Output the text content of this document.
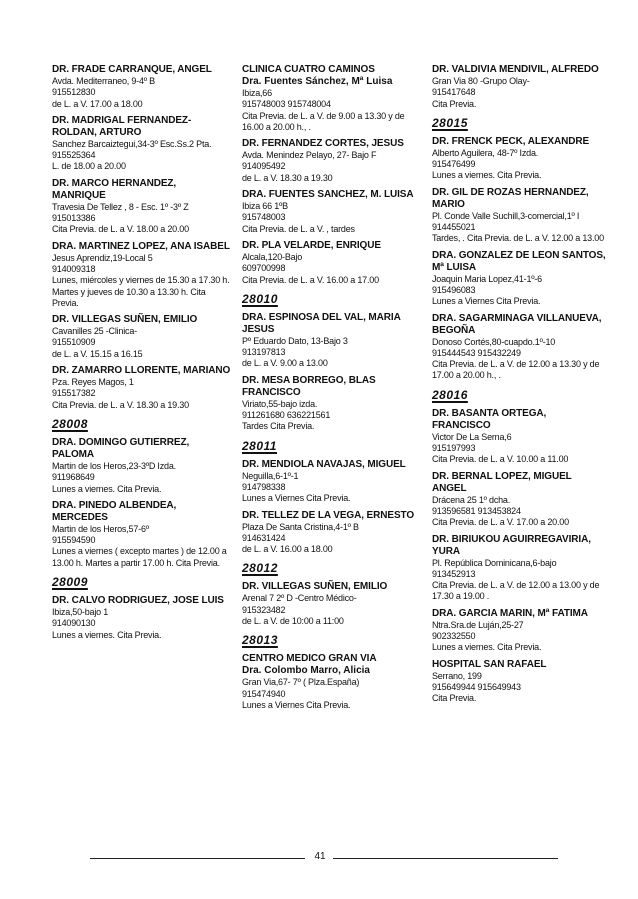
DR. FRADE CARRANQUE, ANGEL
Avda. Mediterraneo, 9-4º B
915512830
de L. a V. 17.00 a 18.00
DR. MADRIGAL FERNANDEZ-ROLDAN, ARTURO
Sanchez Barcaiztegui,34-3º Esc.Ss.2 Pta.
915525364
L. de 18.00 a 20.00
DR. MARCO HERNANDEZ, MANRIQUE
Travesia De Tellez , 8 - Esc. 1º -3º Z
915013386
Cita Previa. de L. a V. 18.00 a 20.00
DRA. MARTINEZ LOPEZ, ANA ISABEL
Jesus Aprendiz,19-Local 5
914009318
Lunes, miércoles y viernes de 15.30 a 17.30 h. Martes y jueves de 10.30 a 13.30 h. Cita Previa.
DR. VILLEGAS SUÑEN, EMILIO
Cavanilles 25 -Clinica-
915510909
de L. a V. 15.15 a 16.15
DR. ZAMARRO LLORENTE, MARIANO
Pza. Reyes Magos, 1
915517382
Cita Previa. de L. a V. 18.30 a 19.30
28008
DRA. DOMINGO GUTIERREZ, PALOMA
Martin de los Heros,23-3ºD Izda.
911968649
Lunes a viernes. Cita Previa.
DRA. PINEDO ALBENDEA, MERCEDES
Martin de los Heros,57-6º
915594590
Lunes a viernes ( excepto martes ) de 12.00 a 13.00 h. Martes a partir 17.00 h. Cita Previa.
28009
DR. CALVO RODRIGUEZ, JOSE LUIS
Ibiza,50-bajo 1
914090130
Lunes a viernes. Cita Previa.
CLINICA CUATRO CAMINOS
Dra. Fuentes Sánchez, Mª Luisa
Ibiza,66
915748003 915748004
Cita Previa. de L. a V. de 9.00 a 13.30 y de 16.00 a 20.00 h., .
DR. FERNANDEZ CORTES, JESUS
Avda. Menindez Pelayo, 27- Bajo F
914095492
de L. a V. 18.30 a 19.30
DRA. FUENTES SANCHEZ, M. LUISA
Ibiza 66 1ºB
915748003
Cita Previa. de L. a V. , tardes
DR. PLA VELARDE, ENRIQUE
Alcala,120-Bajo
609700998
Cita Previa. de L. a V. 16.00 a 17.00
28010
DRA. ESPINOSA DEL VAL, MARIA JESUS
Pº Eduardo Dato, 13-Bajo 3
913197813
de L. a V. 9.00 a 13.00
DR. MESA BORREGO, BLAS FRANCISCO
Viriato,55-bajo izda.
911261680 636221561
Tardes Cita Previa.
28011
DR. MENDIOLA NAVAJAS, MIGUEL
Neguilla,6-1º-1
914798338
Lunes a Viernes Cita Previa.
DR. TELLEZ DE LA VEGA, ERNESTO
Plaza De Santa Cristina,4-1º B
914631424
de L. a V. 16.00 a 18.00
28012
DR. VILLEGAS SUÑEN, EMILIO
Arenal 7 2º D -Centro Médico-
915323482
de L. a V. de 10:00 a 11:00
28013
CENTRO MEDICO GRAN VIA
Dra. Colombo Marro, Alicia
Gran Via,67- 7º ( Plza.España)
915474940
Lunes a Viernes Cita Previa.
DR. VALDIVIA MENDIVIL, ALFREDO
Gran Via 80 -Grupo Olay-
915417648
Cita Previa.
28015
DR. FRENCK PECK, ALEXANDRE
Alberto Aguilera, 48-7º Izda.
915476499
Lunes a viernes. Cita Previa.
DR. GIL DE ROZAS HERNANDEZ, MARIO
Pl. Conde Valle Suchill,3-comercial,1º I
914455021
Tardes, . Cita Previa. de L. a V. 12.00 a 13.00
DRA. GONZALEZ DE LEON SANTOS, Mª LUISA
Joaquin Maria Lopez,41-1º-6
915496083
Lunes a Viernes Cita Previa.
DRA. SAGARMINAGA VILLANUEVA, BEGOÑA
Donoso Cortés,80-cuapdo.1º-10
915444543 915432249
Cita Previa. de L. a V. de 12.00 a 13.30 y de 17.00 a 20.00 h., .
28016
DR. BASANTA ORTEGA, FRANCISCO
Victor De La Serna,6
915197993
Cita Previa. de L. a V. 10.00 a 11.00
DR. BERNAL LOPEZ, MIGUEL ANGEL
Drácena 25 1º dcha.
913596581 913453824
Cita Previa. de L. a V. 17.00 a 20.00
DR. BIRIUKOU AGUIRREGAVIRIA, YURA
Pl. República Dominicana,6-bajo
913452913
Cita Previa. de L. a V. de 12.00 a 13.00 y de 17.30 a 19.00 .
DRA. GARCIA MARIN, Mª FATIMA
Ntra.Sra.de Luján,25-27
902332550
Lunes a viernes. Cita Previa.
HOSPITAL SAN RAFAEL
Serrano, 199
915649944 915649943
Cita Previa.
41
